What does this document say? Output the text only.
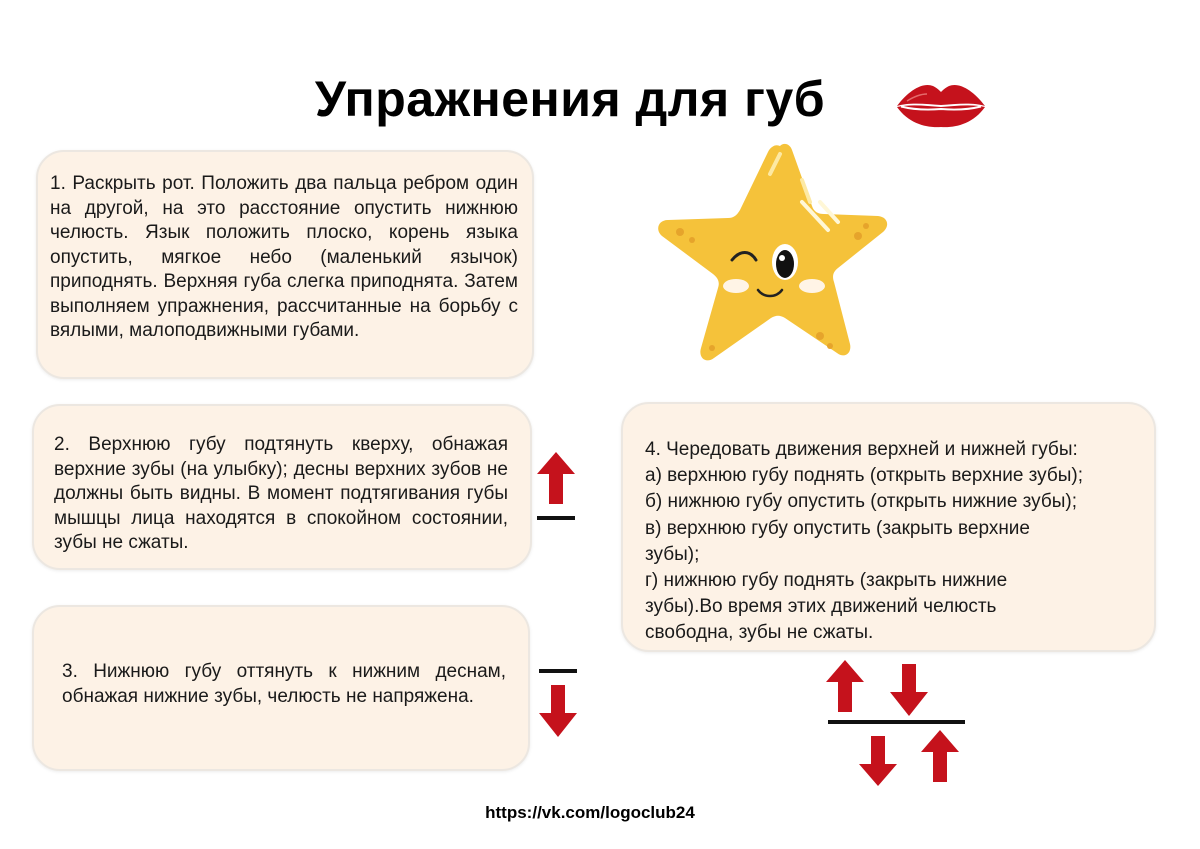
Упражнения для губ

1. Раскрыть рот. Положить два пальца ребром один на другой, на это расстояние опустить нижнюю челюсть. Язык положить плоско, корень языка опустить, мягкое небо (маленький язычок) приподнять. Верхняя губа слегка приподнята. Затем выполняем упражнения, рассчитанные на борьбу с вялыми, малоподвижными губами.

2. Верхнюю губу подтянуть кверху, обнажая верхние зубы (на улыбку); десны верхних зубов не должны быть видны. В момент подтягивания губы мышцы лица находятся в спокойном состоянии, зубы не сжаты.

3. Нижнюю губу оттянуть к нижним деснам, обнажая нижние зубы, челюсть не напряжена.

4. Чередовать движения верхней и нижней губы:

а) верхнюю губу поднять (открыть верхние зубы);

б) нижнюю губу опустить (открыть нижние зубы);

в) верхнюю губу опустить (закрыть верхние

зубы);

г) нижнюю губу поднять (закрыть нижние

зубы).Во время этих движений челюсть

свободна, зубы не сжаты.

https://vk.com/logoclub24
